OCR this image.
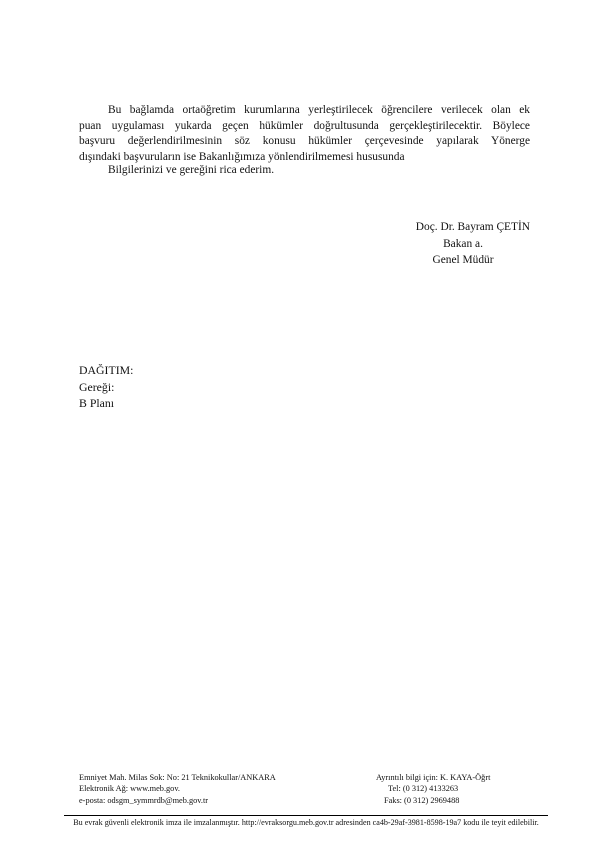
Bu bağlamda ortaöğretim kurumlarına yerleştirilecek öğrencilere verilecek olan ek
puan uygulaması yukarda geçen hükümler doğrultusunda gerçekleştirilecektir. Böylece
başvuru değerlendirilmesinin söz konusu hükümler çerçevesinde yapılarak Yönerge
dışındaki başvuruların ise Bakanlığımıza yönlendirilmemesi hususunda

Bilgilerinizi ve gereğini rica ederim.
Doç. Dr. Bayram ÇETİN
Bakan a.
Genel Müdür
DAĞITIM:
Gereği:
B Planı
Emniyet Mah. Milas Sok: No: 21 Teknikokullar/ANKARA	Ayrıntılı bilgi için: K. KAYA-Öğrt
Elektronik Ağ: www.meb.gov.	Tel: (0 312) 4133263
e-posta: odsgm_symmrdb@meb.gov.tr	Faks: (0 312) 2969488
Bu evrak güvenli elektronik imza ile imzalanmıştır. http://evraksorgu.meb.gov.tr adresinden ca4b-29af-3981-8598-19a7 kodu ile teyit edilebilir.
